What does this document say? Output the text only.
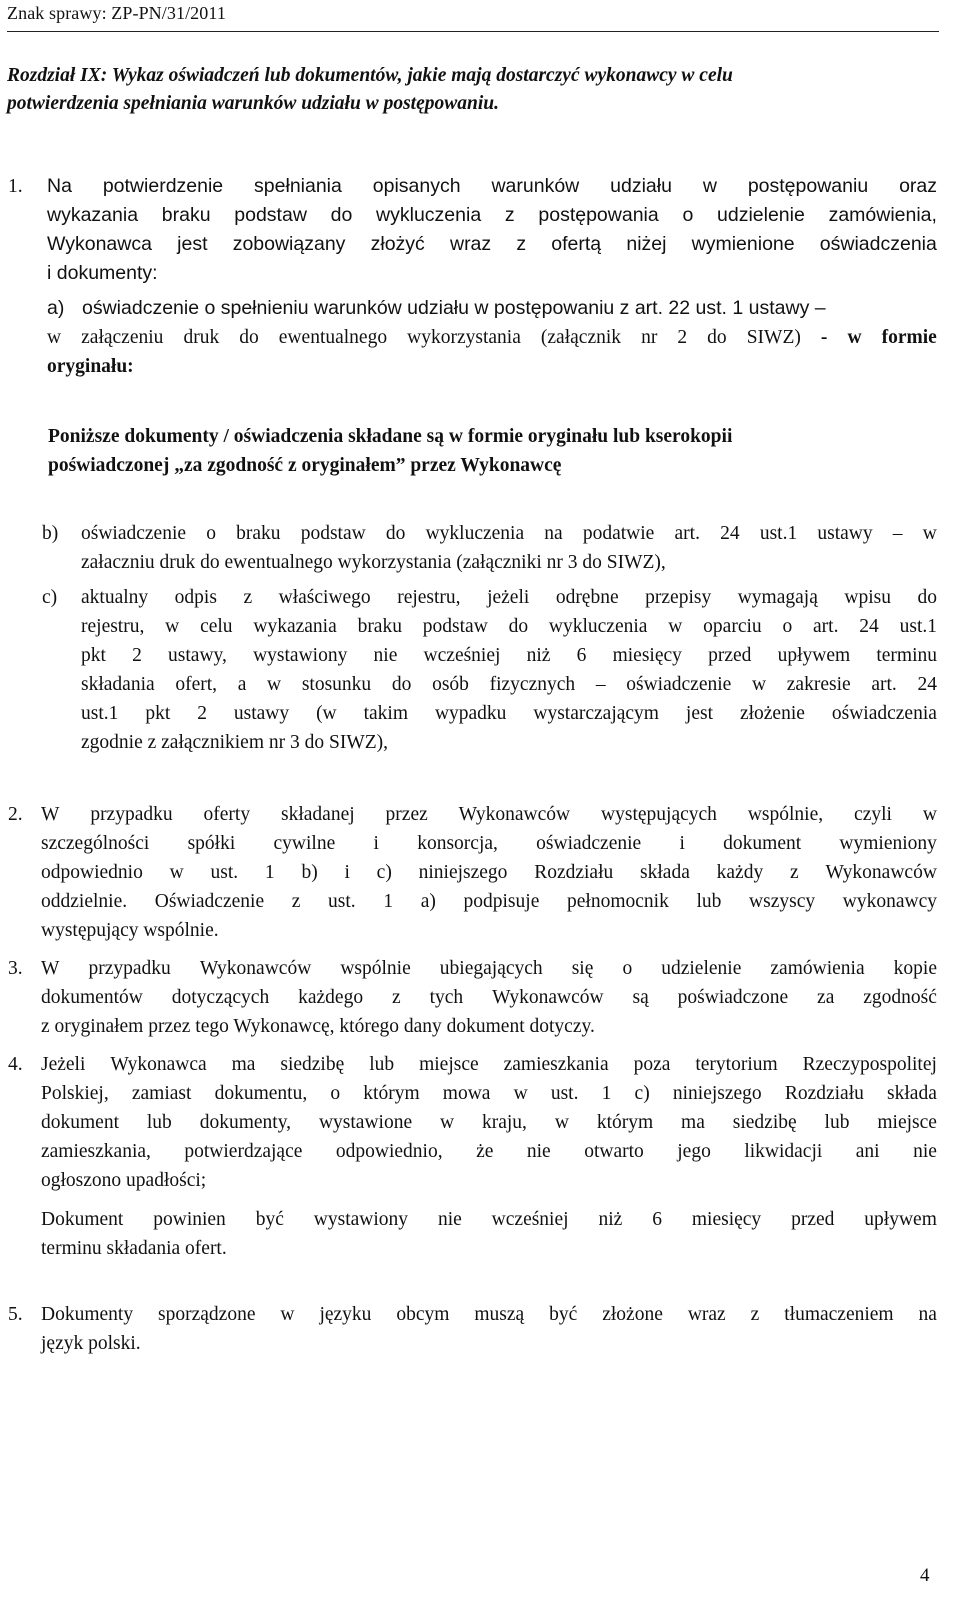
Znak sprawy: ZP-PN/31/2011
Rozdział IX: Wykaz oświadczeń lub dokumentów, jakie mają dostarczyć wykonawcy w celu
potwierdzenia spełniania warunków udziału w postępowaniu.
1. Na potwierdzenie spełniania opisanych warunków udziału w postępowaniu oraz
wykazania braku podstaw do wykluczenia z postępowania o udzielenie zamówienia,
Wykonawca jest zobowiązany złożyć wraz z ofertą niżej wymienione oświadczenia
i dokumenty:
a) oświadczenie o spełnieniu warunków udziału w postępowaniu z art. 22 ust. 1 ustawy –
w załączeniu druk do ewentualnego wykorzystania (załącznik nr 2 do SIWZ) - w formie
oryginału:
Poniższe dokumenty / oświadczenia składane są w formie oryginału lub kserokopii
poświadczonej „za zgodność z oryginałem” przez Wykonawcę
b) oświadczenie o braku podstaw do wykluczenia na podatwie art. 24 ust.1 ustawy – w
załaczniu druk do ewentualnego wykorzystania (załączniki nr 3 do SIWZ),
c) aktualny odpis z właściwego rejestru, jeżeli odrębne przepisy wymagają wpisu do
rejestru, w celu wykazania braku podstaw do wykluczenia w oparciu o art. 24 ust.1
pkt 2 ustawy, wystawiony nie wcześniej niż 6 miesięcy przed upływem terminu
składania ofert, a w stosunku do osób fizycznych – oświadczenie w zakresie art. 24
ust.1 pkt 2 ustawy (w takim wypadku wystarczającym jest złożenie oświadczenia
zgodnie z załącznikiem nr 3 do SIWZ),
2. W przypadku oferty składanej przez Wykonawców występujących wspólnie, czyli w
szczególności spółki cywilne i konsorcja, oświadczenie i dokument wymieniony
odpowiednio w ust. 1 b) i c) niniejszego Rozdziału składa każdy z Wykonawców
oddzielnie. Oświadczenie z ust. 1 a) podpisuje pełnomocnik lub wszyscy wykonawcy
występujący wspólnie.
3. W przypadku Wykonawców wspólnie ubiegających się o udzielenie zamówienia kopie
dokumentów dotyczących każdego z tych Wykonawców są poświadczone za zgodność
z oryginałem przez tego Wykonawcę, którego dany dokument dotyczy.
4. Jeżeli Wykonawca ma siedzibę lub miejsce zamieszkania poza terytorium Rzeczypospolitej
Polskiej, zamiast dokumentu, o którym mowa w ust. 1 c) niniejszego Rozdziału składa
dokument lub dokumenty, wystawione w kraju, w którym ma siedzibę lub miejsce
zamieszkania, potwierdzające odpowiednio, że nie otwarto jego likwidacji ani nie
ogłoszono upadłości;
Dokument powinien być wystawiony nie wcześniej niż 6 miesięcy przed upływem
terminu składania ofert.
5. Dokumenty sporządzone w języku obcym muszą być złożone wraz z tłumaczeniem na
język polski.
4
